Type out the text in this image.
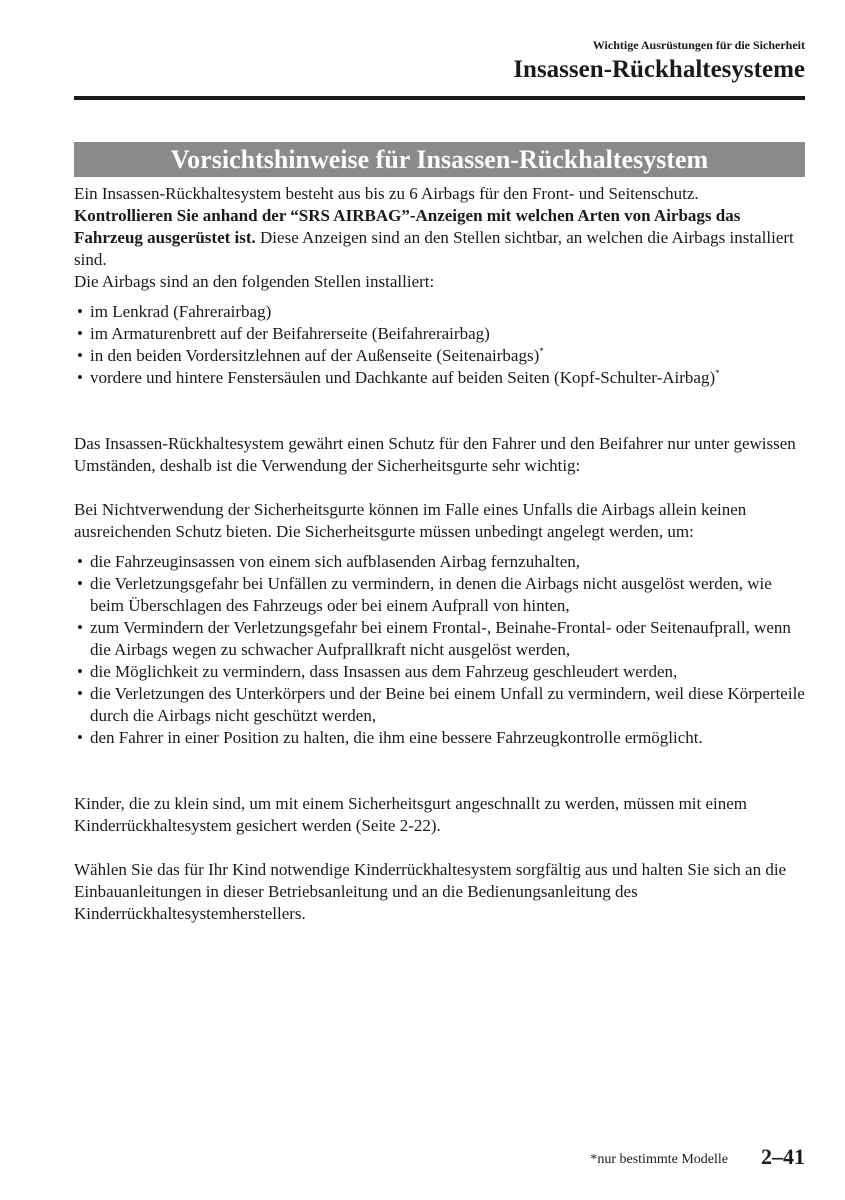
Wichtige Ausrüstungen für die Sicherheit
Insassen-Rückhaltesysteme
Vorsichtshinweise für Insassen-Rückhaltesystem

Ein Insassen-Rückhaltesystem besteht aus bis zu 6 Airbags für den Front- und Seitenschutz.
Kontrollieren Sie anhand der “SRS AIRBAG”-Anzeigen mit welchen Arten von Airbags das Fahrzeug ausgerüstet ist. Diese Anzeigen sind an den Stellen sichtbar, an welchen die Airbags installiert sind.
Die Airbags sind an den folgenden Stellen installiert:

• im Lenkrad (Fahrerairbag)
• im Armaturenbrett auf der Beifahrerseite (Beifahrerairbag)
• in den beiden Vordersitzlehnen auf der Außenseite (Seitenairbags)*
• vordere und hintere Fenstersäulen und Dachkante auf beiden Seiten (Kopf-Schulter-Airbag)*

Das Insassen-Rückhaltesystem gewährt einen Schutz für den Fahrer und den Beifahrer nur unter gewissen Umständen, deshalb ist die Verwendung der Sicherheitsgurte sehr wichtig:

Bei Nichtverwendung der Sicherheitsgurte können im Falle eines Unfalls die Airbags allein keinen ausreichenden Schutz bieten. Die Sicherheitsgurte müssen unbedingt angelegt werden, um:

• die Fahrzeuginsassen von einem sich aufblasenden Airbag fernzuhalten,
• die Verletzungsgefahr bei Unfällen zu vermindern, in denen die Airbags nicht ausgelöst werden, wie beim Überschlagen des Fahrzeugs oder bei einem Aufprall von hinten,
• zum Vermindern der Verletzungsgefahr bei einem Frontal-, Beinahe-Frontal- oder Seitenaufprall, wenn die Airbags wegen zu schwacher Aufprallkraft nicht ausgelöst werden,
• die Möglichkeit zu vermindern, dass Insassen aus dem Fahrzeug geschleudert werden,
• die Verletzungen des Unterkörpers und der Beine bei einem Unfall zu vermindern, weil diese Körperteile durch die Airbags nicht geschützt werden,
• den Fahrer in einer Position zu halten, die ihm eine bessere Fahrzeugkontrolle ermöglicht.

Kinder, die zu klein sind, um mit einem Sicherheitsgurt angeschnallt zu werden, müssen mit einem Kinderrückhaltesystem gesichert werden (Seite 2-22).

Wählen Sie das für Ihr Kind notwendige Kinderrückhaltesystem sorgfältig aus und halten Sie sich an die Einbauanleitungen in dieser Betriebsanleitung und an die Bedienungsanleitung des Kinderrückhaltesystemherstellers.

*nur bestimmte Modelle 2–41
